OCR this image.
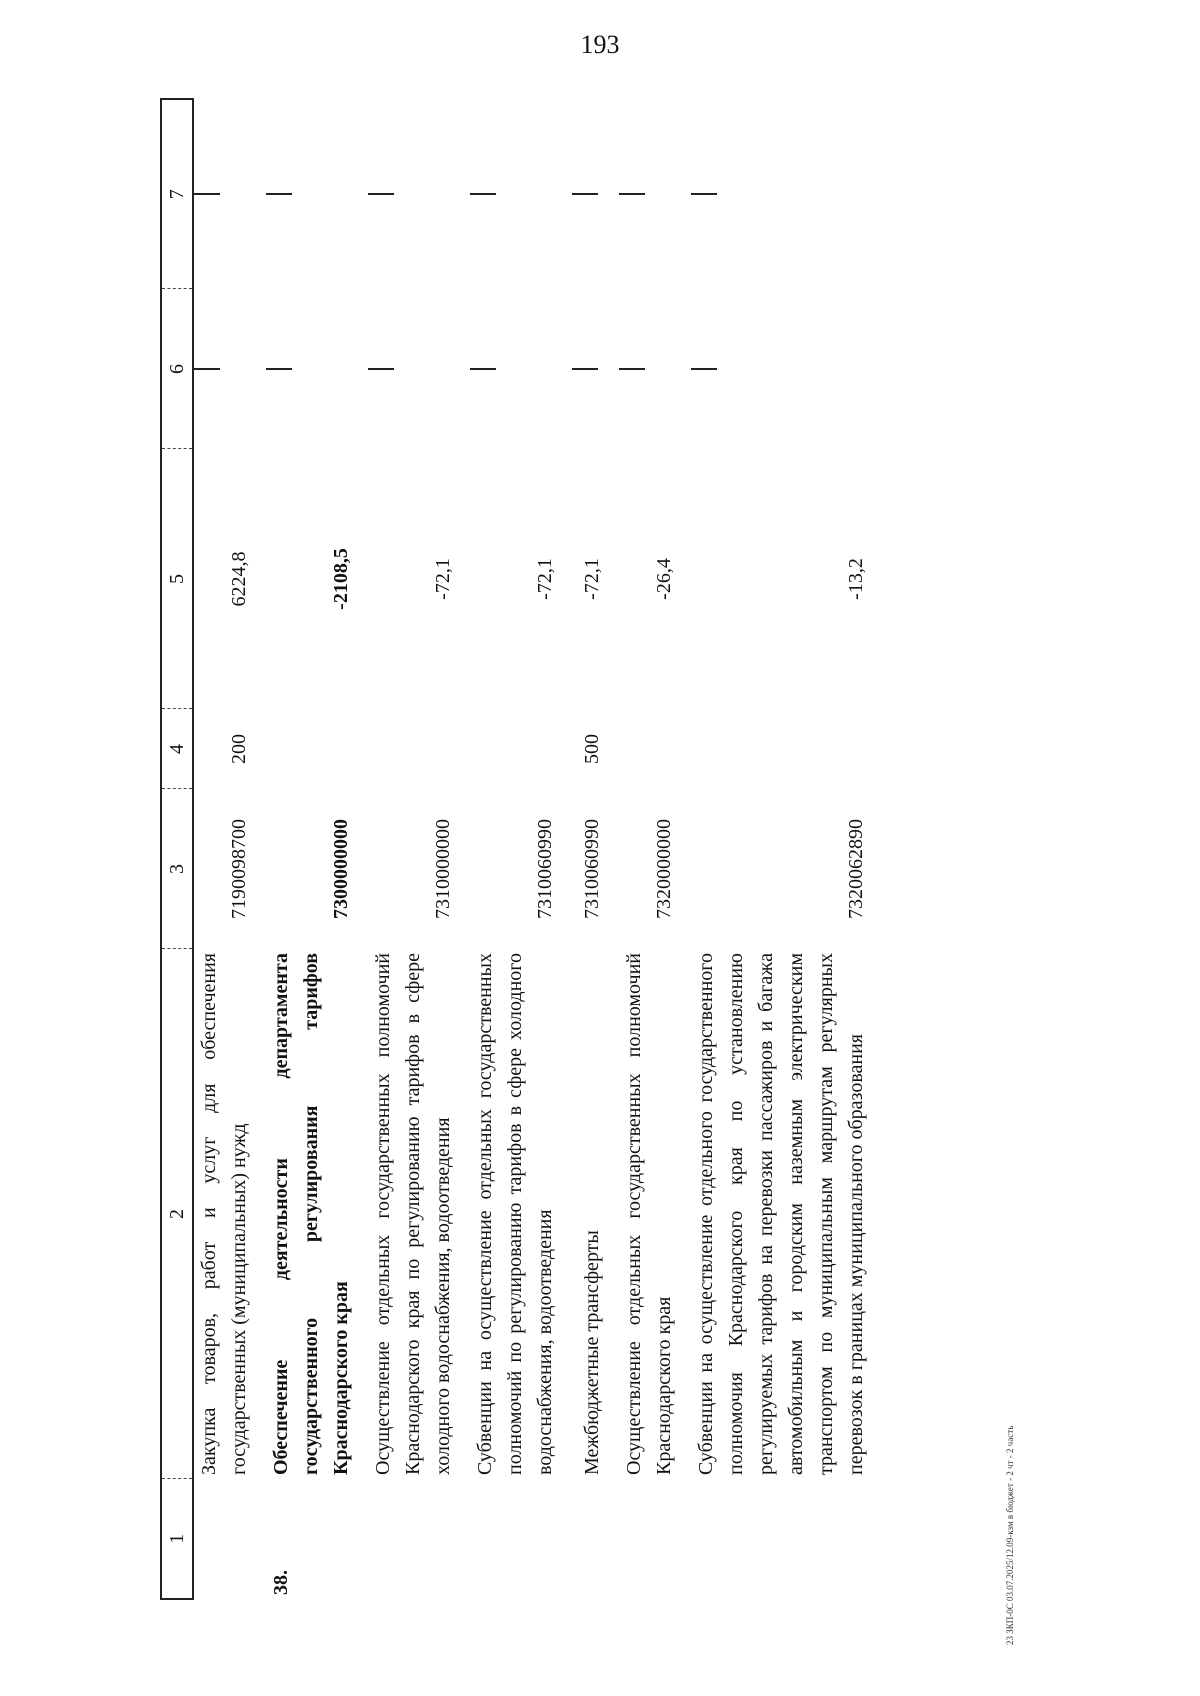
193
1	2	3	4	5	6	7
	Закупка товаров, работ и услуг для обеспечения государственных (муниципальных) нужд	7190098700	200	6224,8		

38.	Обеспечение деятельности департамента государственного регулирования тарифов Краснодарского края	7300000000		-2108,5		

	Осуществление отдельных государственных полномочий Краснодарского края по регулированию тарифов в сфере холодного водоснабжения, водоотведения	7310000000		-72,1		

	Субвенции на осуществление отдельных государственных полномочий по регулированию тарифов в сфере холодного водоснабжения, водоотведения	7310060990		-72,1		

	Межбюджетные трансферты	7310060990	500	-72,1		

	Осуществление отдельных государственных полномочий Краснодарского края	7320000000		-26,4		

	Субвенции на осуществление отдельного государственного полномочия Краснодарского края по установлению регулируемых тарифов на перевозки пассажиров и багажа автомобильным и городским наземным электрическим транспортом по муниципальным маршрутам регулярных перевозок в границах муниципального образования	7320062890		-13,2		
23 ЗКП-0С 03.07.2025/12.09-кзм в бюджет - 2 чт - 2 часть
